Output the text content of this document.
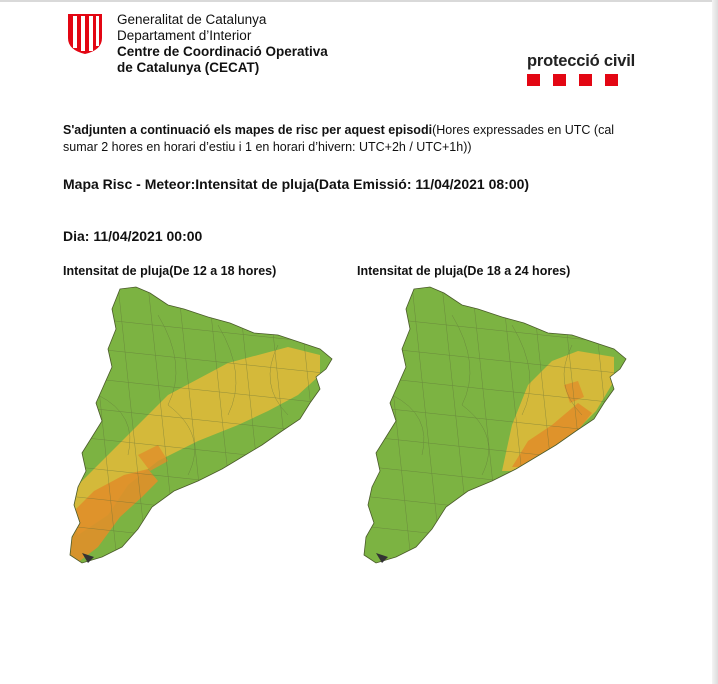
Generalitat de Catalunya
Departament d’Interior
Centre de Coordinació Operativa
de Catalunya (CECAT)	protecció civil
S'adjunten a continuació els mapes de risc per aquest episodi(Hores expressades en UTC (cal sumar 2 hores en horari d’estiu i 1 en horari d’hivern: UTC+2h / UTC+1h))
Mapa Risc - Meteor:Intensitat de pluja(Data Emissió: 11/04/2021 08:00)
Dia: 11/04/2021 00:00
Intensitat de pluja(De 12 a 18 hores)	Intensitat de pluja(De 18 a 24 hores)
